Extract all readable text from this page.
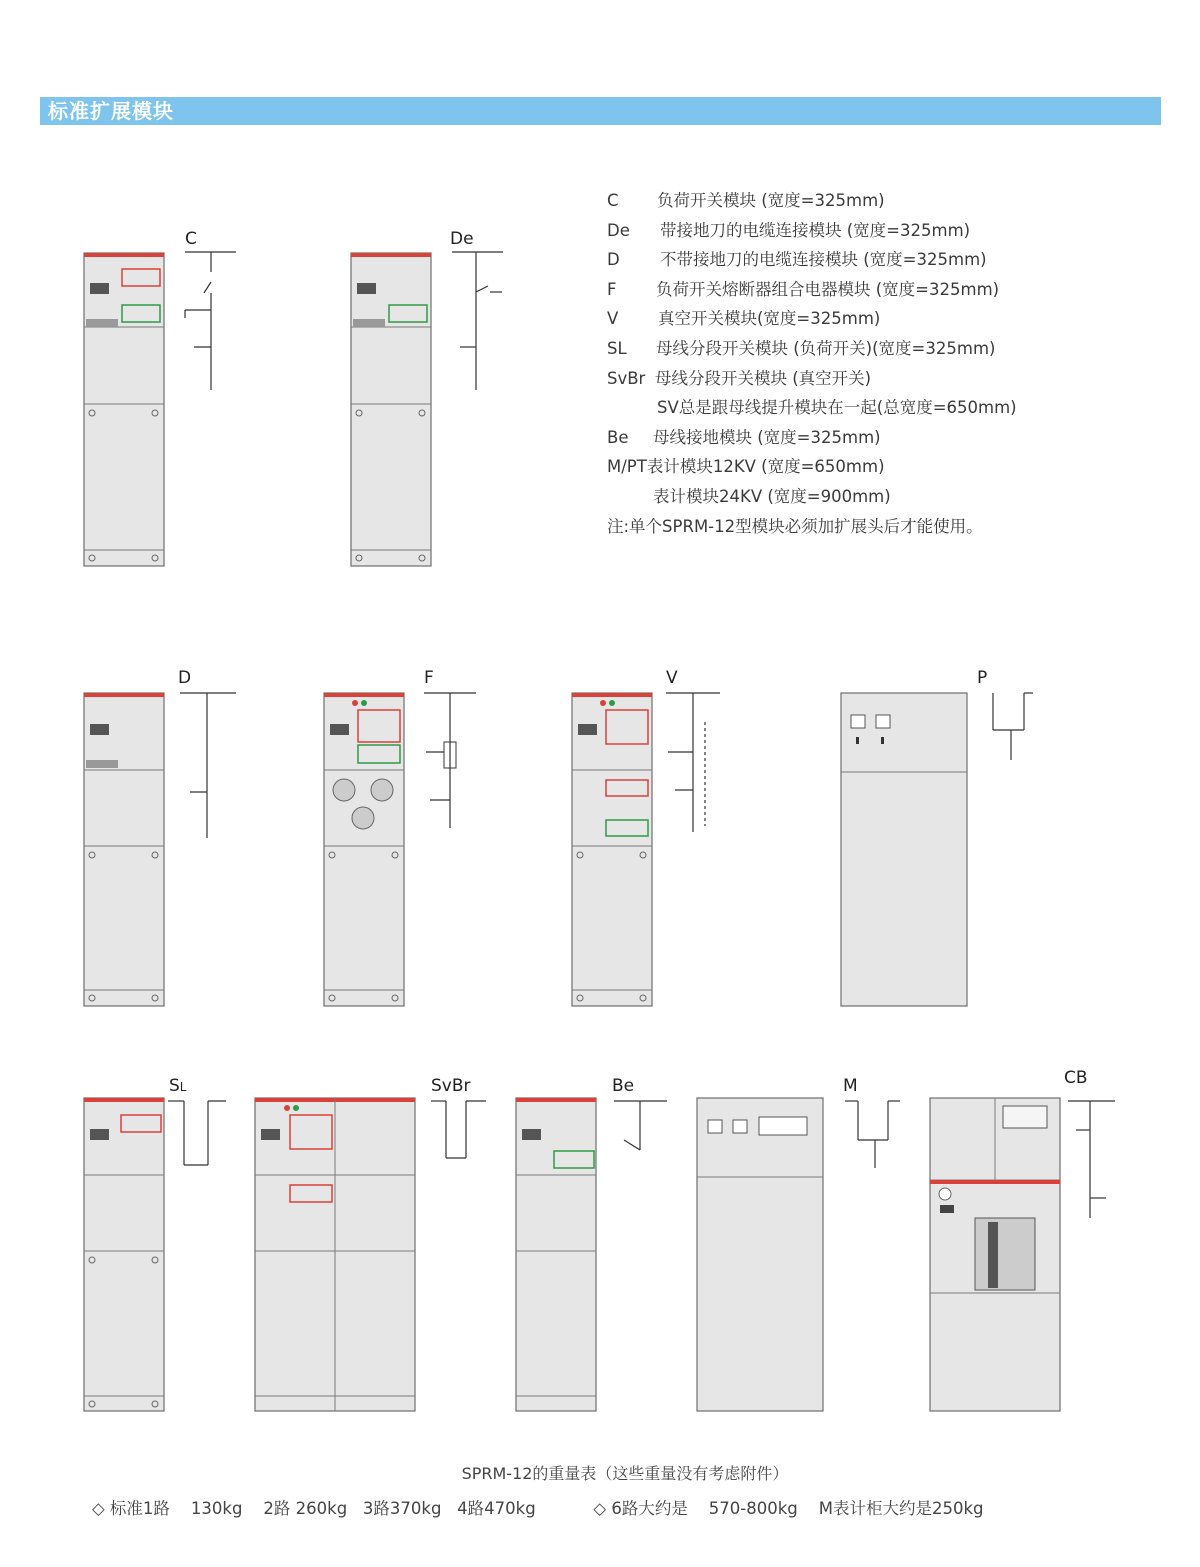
标准扩展模块
C 负荷开关模块 (宽度=325mm)
De 带接地刀的电缆连接模块 (宽度=325mm)
D 不带接地刀的电缆连接模块 (宽度=325mm)
F 负荷开关熔断器组合电器模块 (宽度=325mm)
V 真空开关模块(宽度=325mm)
SL 母线分段开关模块 (负荷开关)(宽度=325mm)
SvBr 母线分段开关模块 (真空开关)
SV总是跟母线提升模块在一起(总宽度=650mm)
Be 母线接地模块 (宽度=325mm)
M/PT表计模块12KV (宽度=650mm)
表计模块24KV (宽度=900mm)
注:单个SPRM-12型模块必须加扩展头后才能使用。
C	De
D	F	V	P
SL	SvBr	Be	M	CB
SPRM-12的重量表（这些重量没有考虑附件）
◇ 标准1路    130kg    2路 260kg   3路370kg   4路470kg           ◇ 6路大约是    570-800kg    M表计柜大约是250kg
